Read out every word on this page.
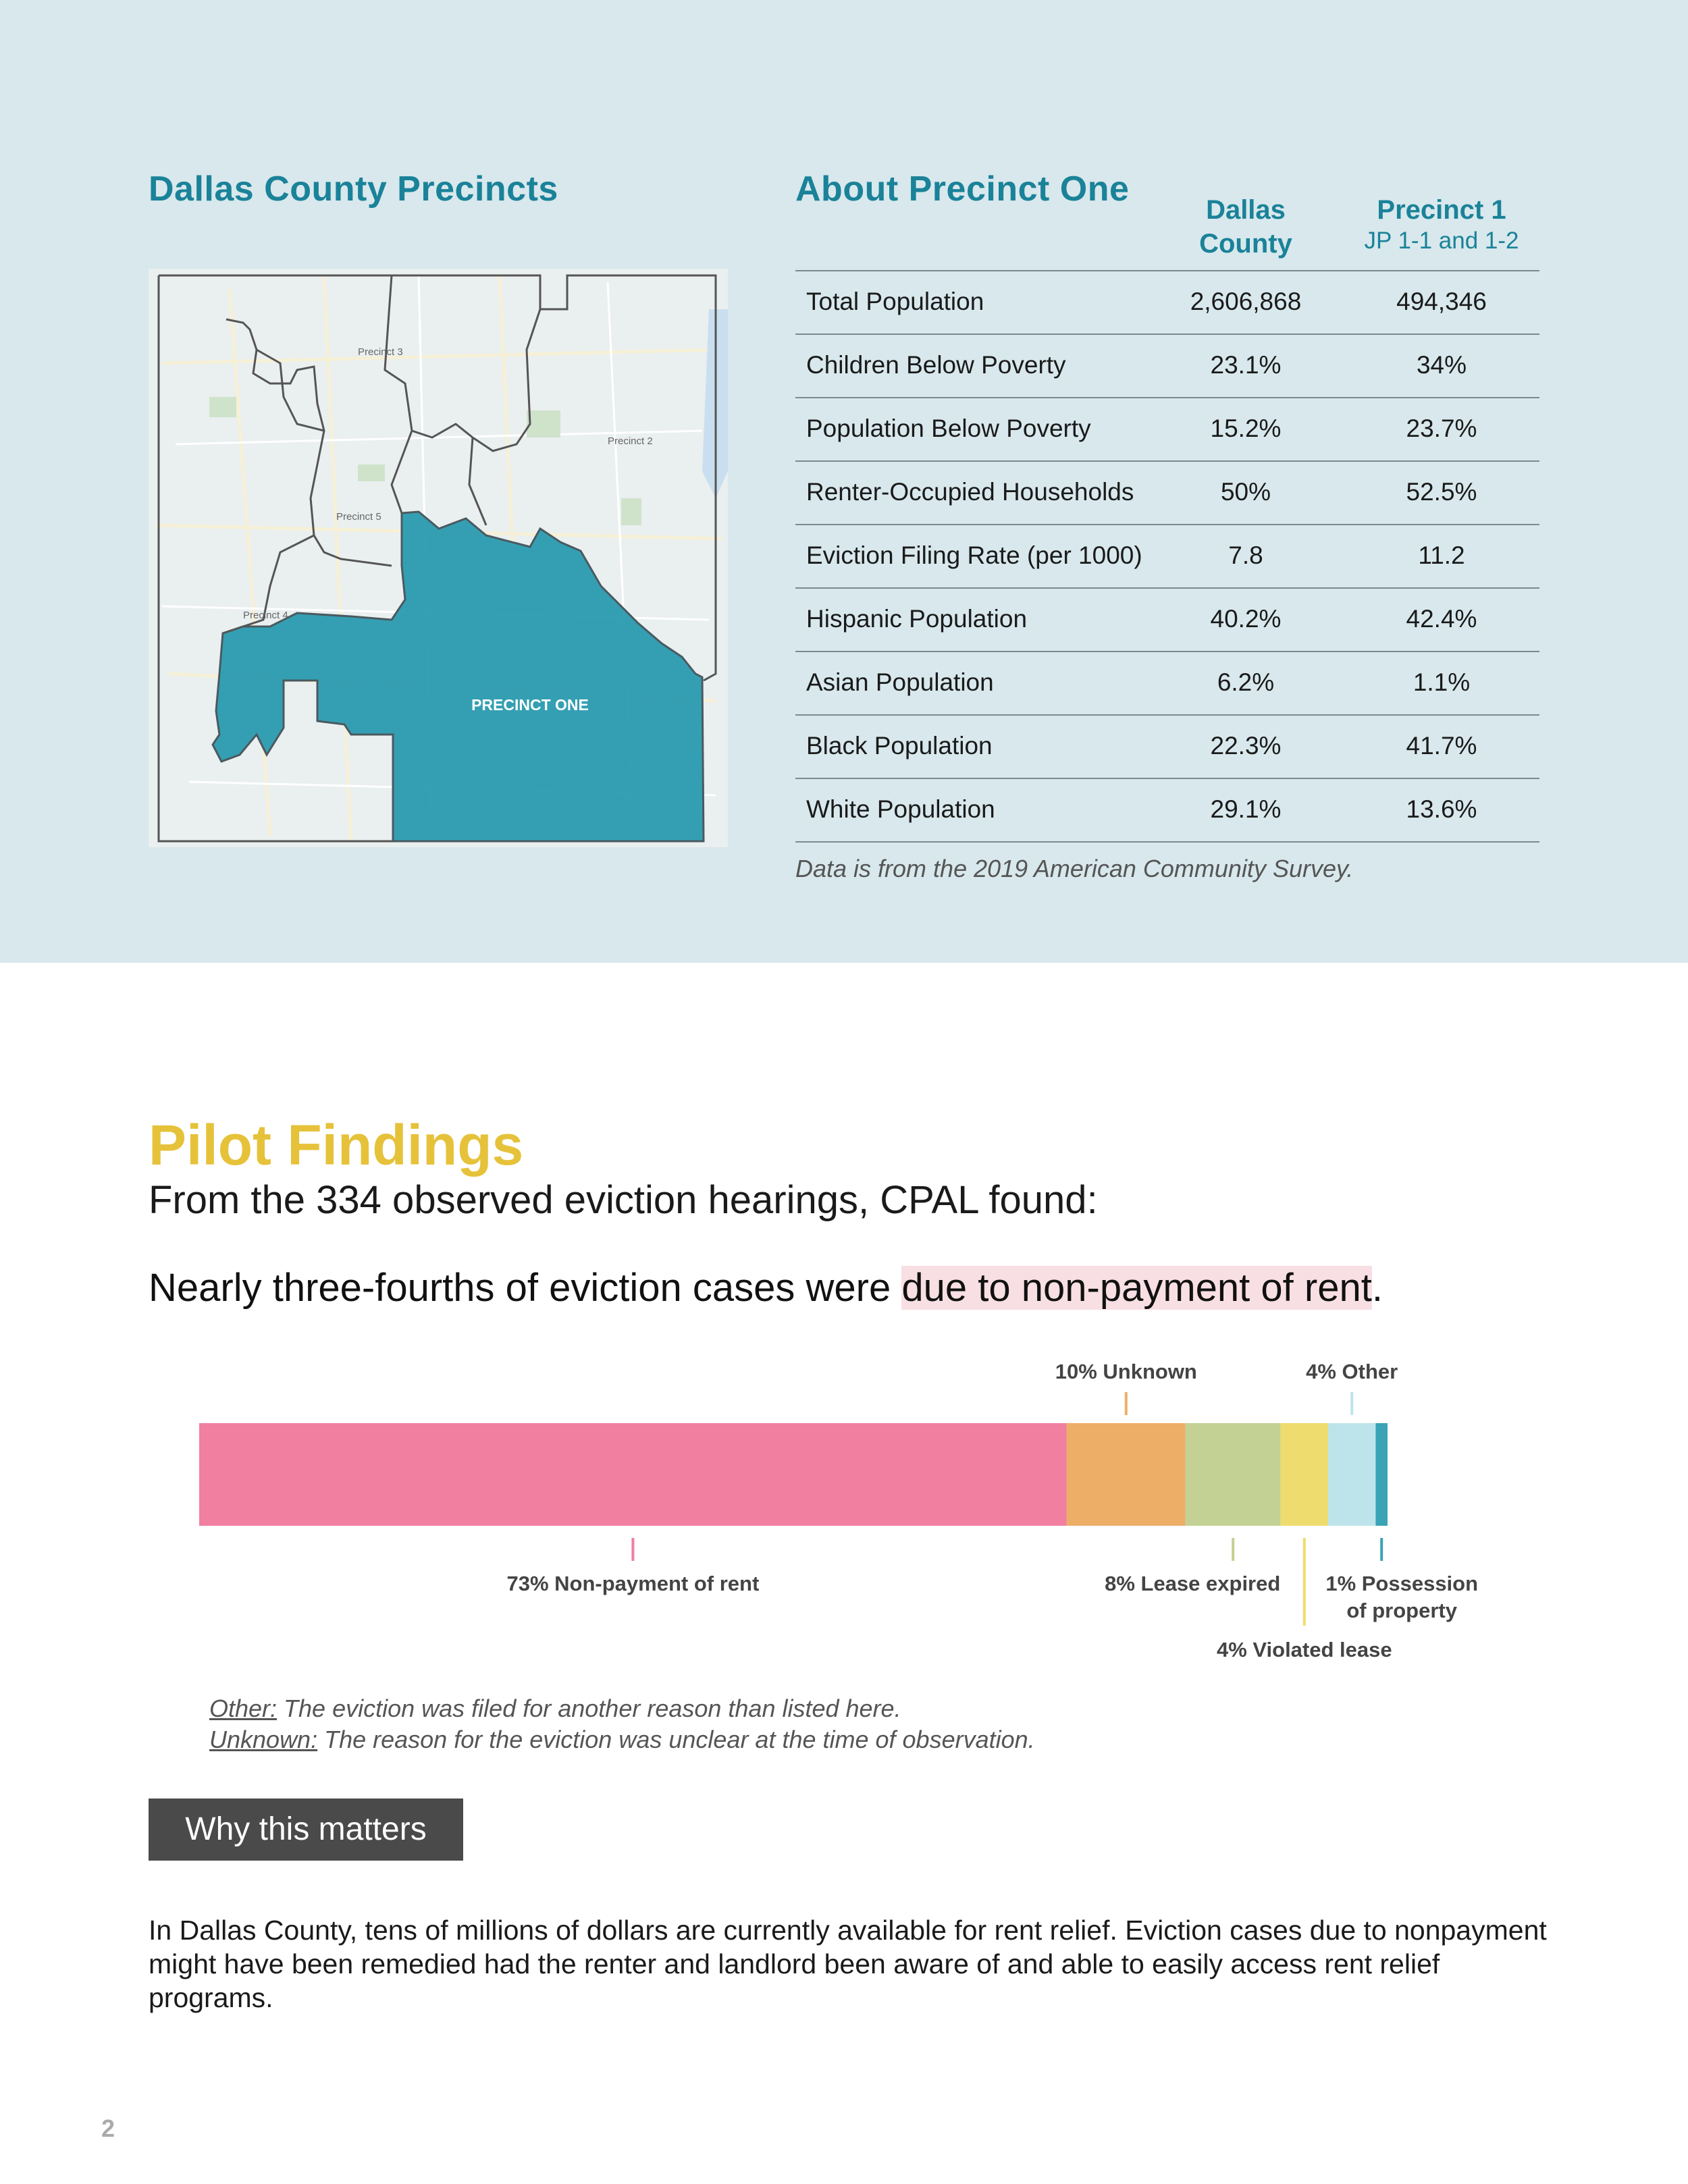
Dallas County Precincts
Precinct 3
Precinct 2
Precinct 5
Precinct 4
PRECINCT ONE
About Precinct One
Dallas County
Precinct 1
JP 1-1 and 1-2
Total Population	2,606,868	494,346
Children Below Poverty	23.1%	34%
Population Below Poverty	15.2%	23.7%
Renter-Occupied Households	50%	52.5%
Eviction Filing Rate (per 1000)	7.8	11.2
Hispanic Population	40.2%	42.4%
Asian Population	6.2%	1.1%
Black Population	22.3%	41.7%
White Population	29.1%	13.6%
Data is from the 2019 American Community Survey.
Pilot Findings
From the 334 observed eviction hearings, CPAL found:
Nearly three-fourths of eviction cases were due to non-payment of rent.
73% Non-payment of rent
10% Unknown
8% Lease expired
4% Violated lease
4% Other
1% Possession of property
Other: The eviction was filed for another reason than listed here.
Unknown: The reason for the eviction was unclear at the time of observation.
Why this matters
In Dallas County, tens of millions of dollars are currently available for rent relief. Eviction cases due to nonpayment might have been remedied had the renter and landlord been aware of and able to easily access rent relief programs.
2
